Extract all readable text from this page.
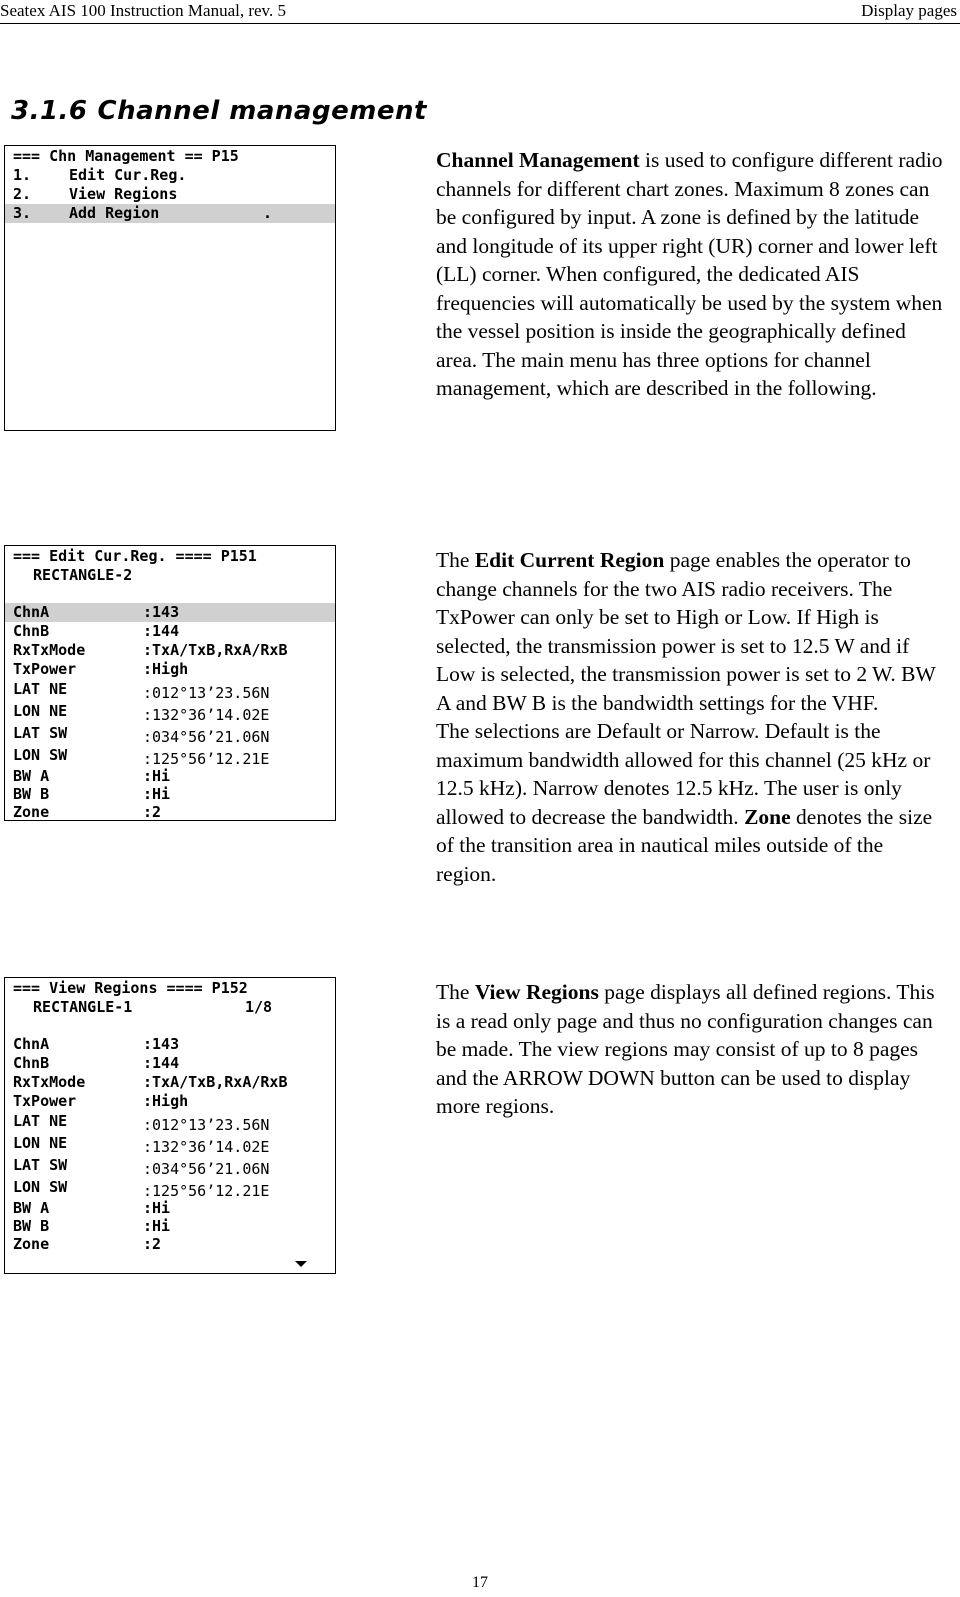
Seatex AIS 100 Instruction Manual, rev. 5	Display pages
3.1.6 Channel management
=== Chn Management == P15
1.	Edit Cur.Reg.
2.	View Regions
3.	Add Region	.
Channel Management is used to configure different radio channels for different chart zones. Maximum 8 zones can be configured by input. A zone is defined by the latitude and longitude of its upper right (UR) corner and lower left (LL) corner. When configured, the dedicated AIS frequencies will automatically be used by the system when the vessel position is inside the geographically defined area. The main menu has three options for channel management, which are described in the following.
=== Edit Cur.Reg. ==== P151
RECTANGLE-2
ChnA	:143
ChnB	:144
RxTxMode	:TxA/TxB,RxA/RxB
TxPower	:High
LAT NE	:012°13’23.56N
LON NE	:132°36’14.02E
LAT SW	:034°56’21.06N
LON SW	:125°56’12.21E
BW A	:Hi
BW B	:Hi
Zone	:2
The Edit Current Region page enables the operator to change channels for the two AIS radio receivers. The TxPower can only be set to High or Low. If High is selected, the transmission power is set to 12.5 W and if Low is selected, the transmission power is set to 2 W. BW A and BW B is the bandwidth settings for the VHF.
The selections are Default or Narrow. Default is the maximum bandwidth allowed for this channel (25 kHz or 12.5 kHz). Narrow denotes 12.5 kHz. The user is only allowed to decrease the bandwidth. Zone denotes the size of the transition area in nautical miles outside of the region.
=== View Regions ==== P152
RECTANGLE-1	1/8
ChnA	:143
ChnB	:144
RxTxMode	:TxA/TxB,RxA/RxB
TxPower	:High
LAT NE	:012°13’23.56N
LON NE	:132°36’14.02E
LAT SW	:034°56’21.06N
LON SW	:125°56’12.21E
BW A	:Hi
BW B	:Hi
Zone	:2
The View Regions page displays all defined regions. This is a read only page and thus no configuration changes can be made. The view regions may consist of up to 8 pages and the ARROW DOWN button can be used to display more regions.
17
